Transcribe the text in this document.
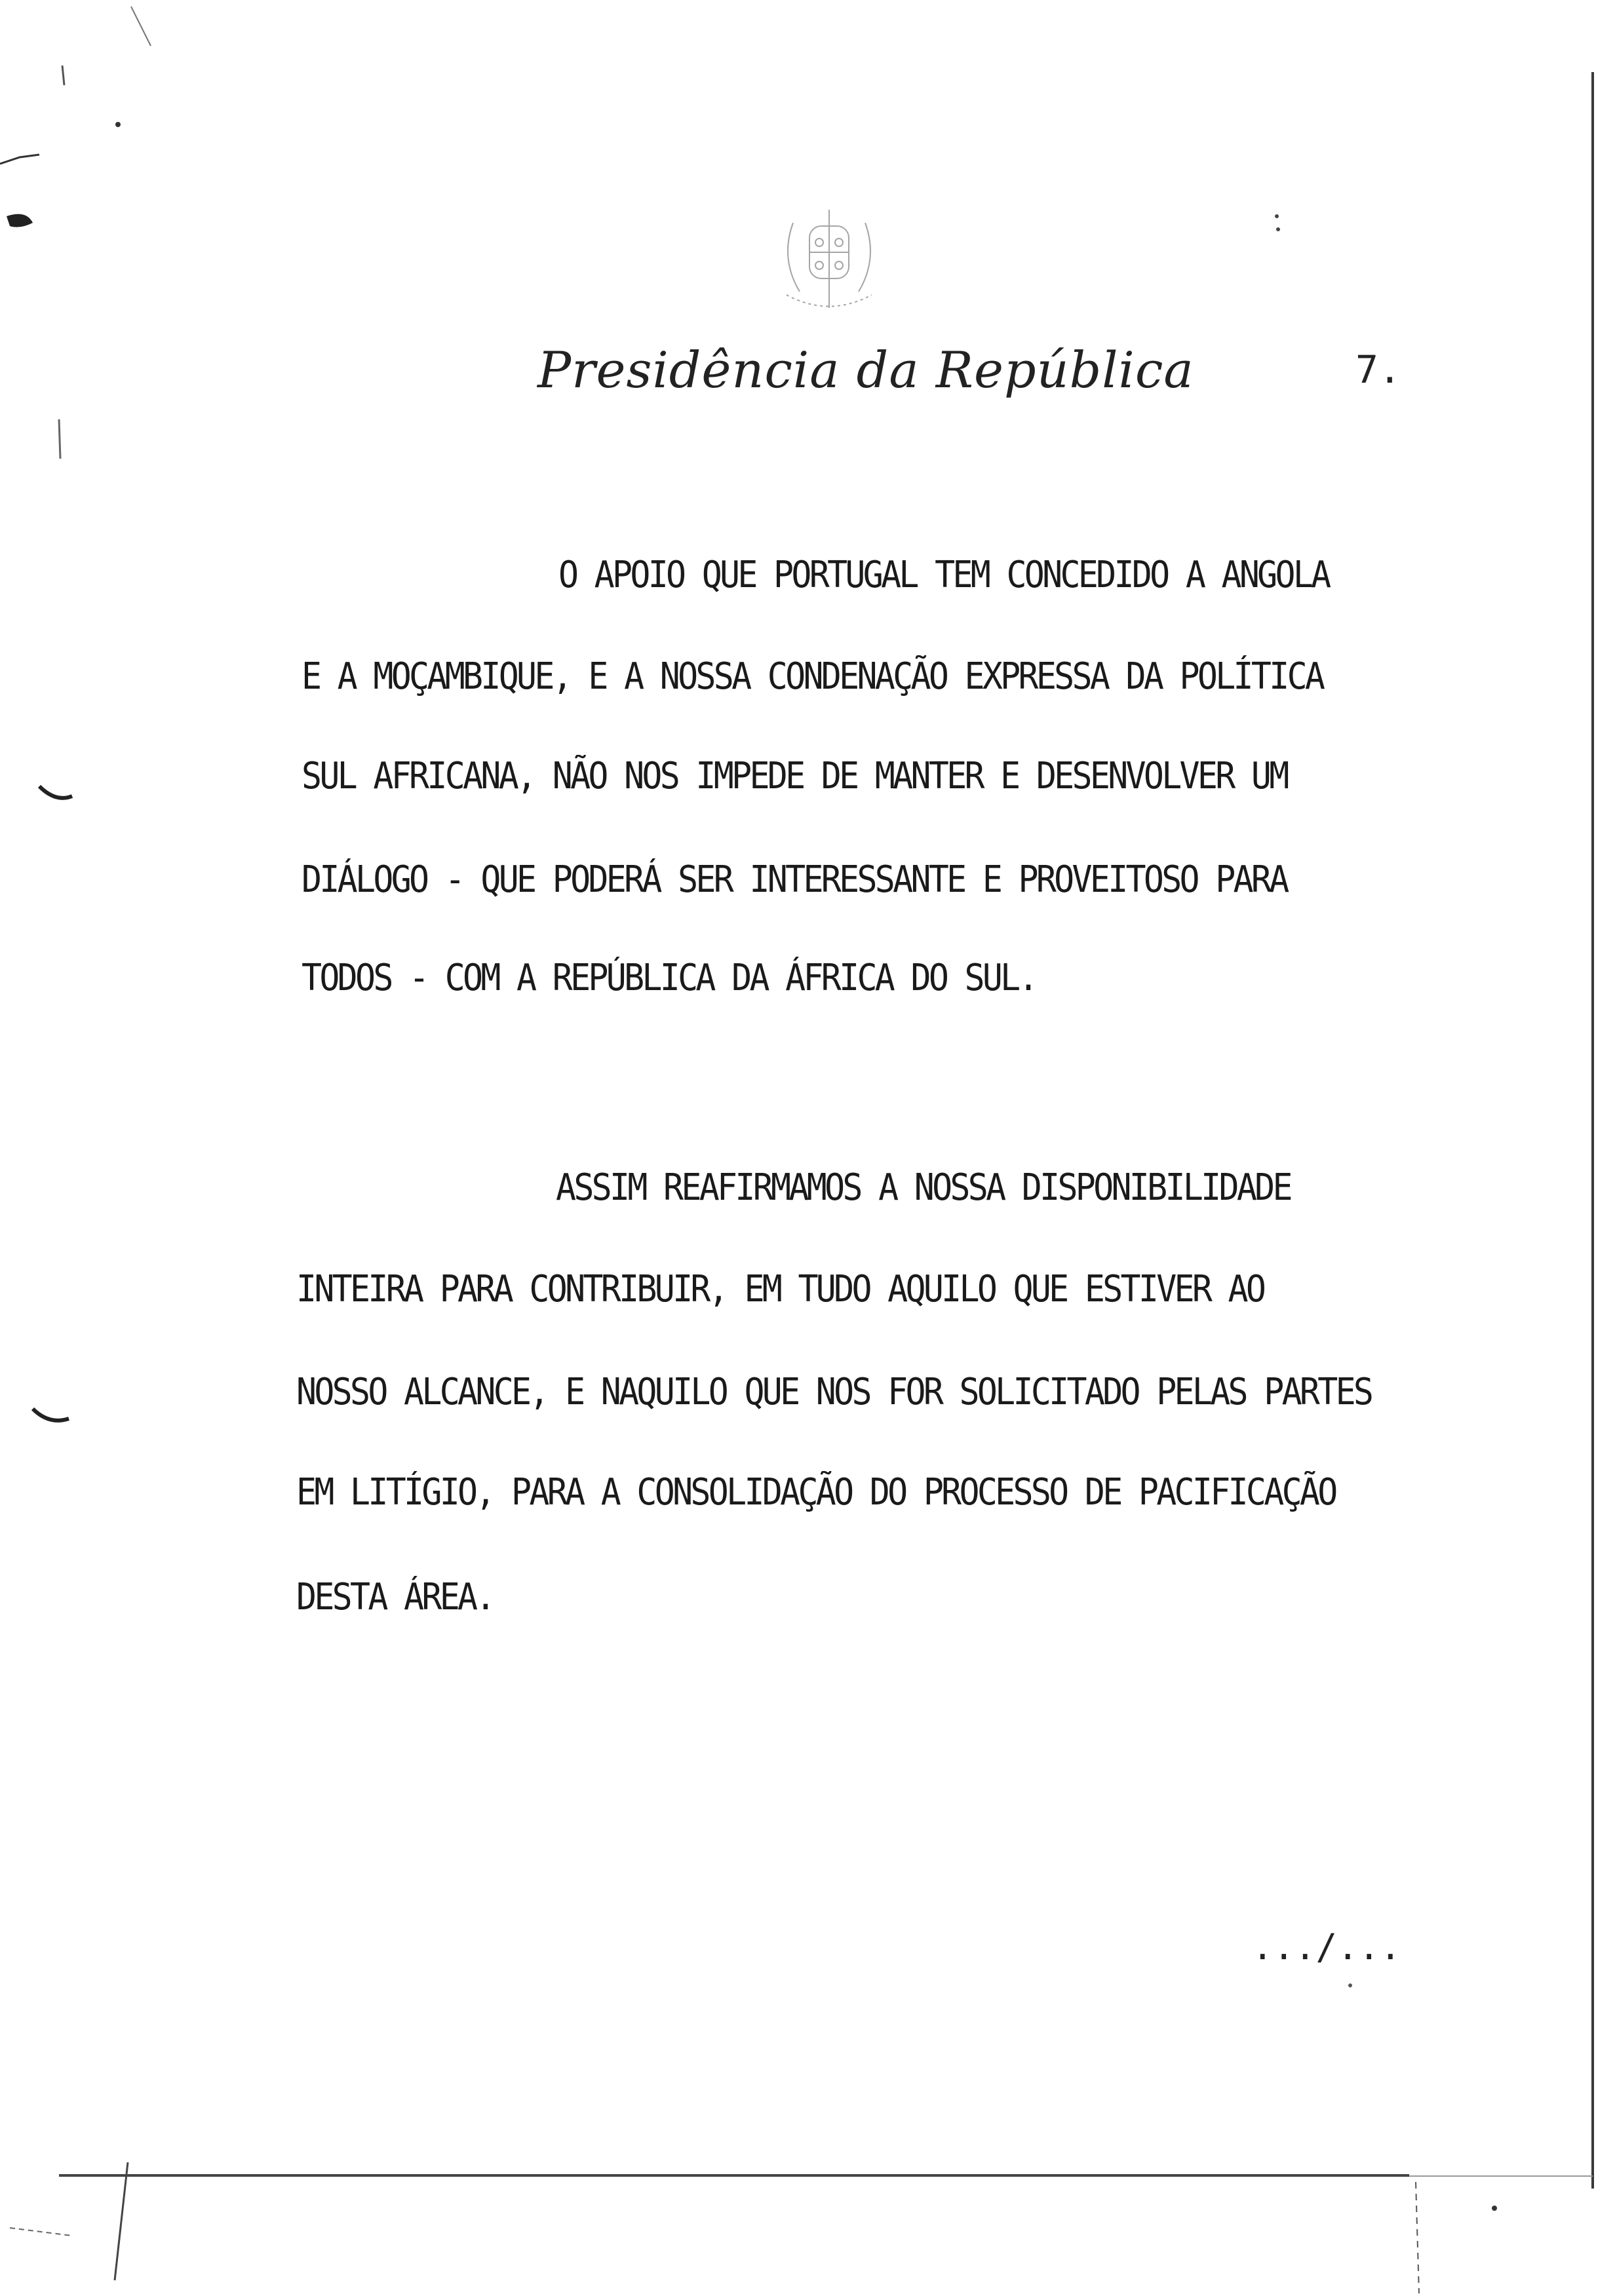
Presidência da República	7.
O APOIO QUE PORTUGAL TEM CONCEDIDO A ANGOLA
E A MOÇAMBIQUE, E A NOSSA CONDENAÇÃO EXPRESSA DA POLÍTICA
SUL AFRICANA, NÃO NOS IMPEDE DE MANTER E DESENVOLVER UM
DIÁLOGO - QUE PODERÁ SER INTERESSANTE E PROVEITOSO PARA
TODOS - COM A REPÚBLICA DA ÁFRICA DO SUL.
ASSIM REAFIRMAMOS A NOSSA DISPONIBILIDADE
INTEIRA PARA CONTRIBUIR, EM TUDO AQUILO QUE ESTIVER AO
NOSSO ALCANCE, E NAQUILO QUE NOS FOR SOLICITADO PELAS PARTES
EM LITÍGIO, PARA A CONSOLIDAÇÃO DO PROCESSO DE PACIFICAÇÃO
DESTA ÁREA.
.../...
